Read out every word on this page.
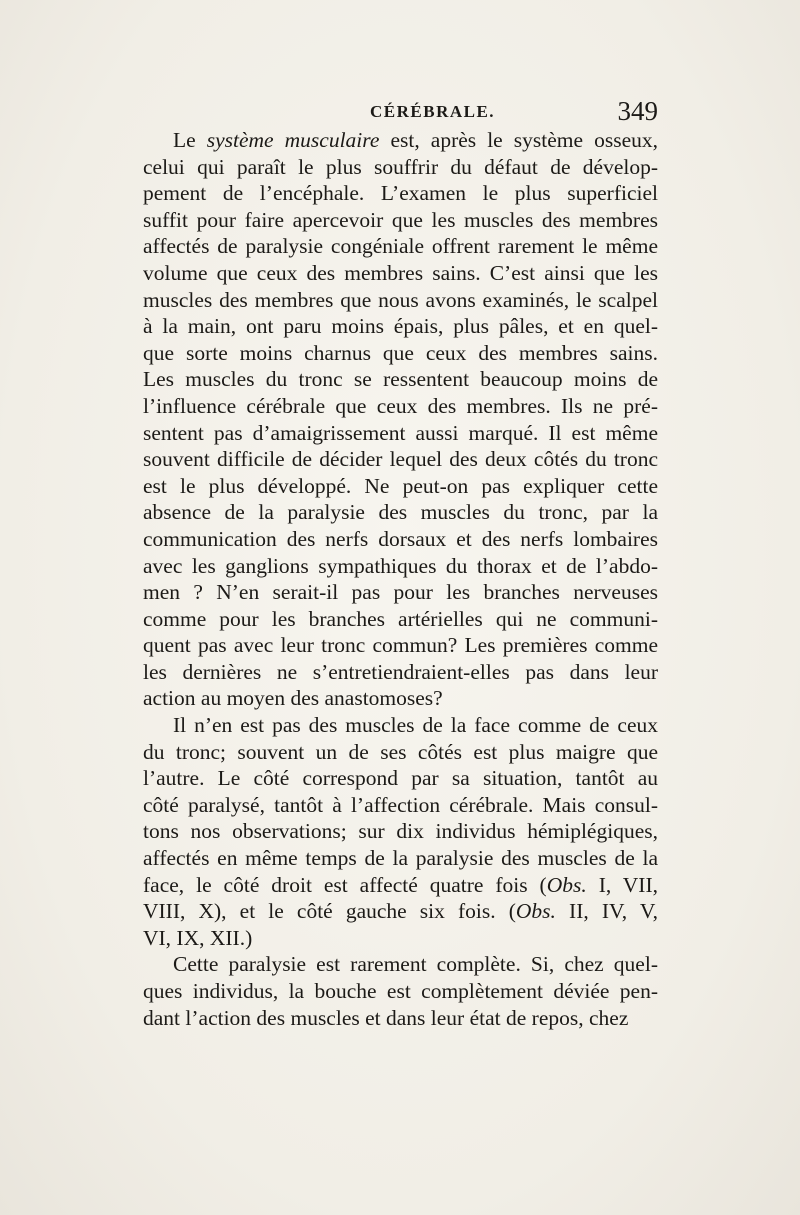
CÉRÉBRALE.	349
Le système musculaire est, après le système osseux,
celui qui paraît le plus souffrir du défaut de dévelop-
pement de l’encéphale. L’examen le plus superficiel
suffit pour faire apercevoir que les muscles des membres
affectés de paralysie congéniale offrent rarement le même
volume que ceux des membres sains. C’est ainsi que les
muscles des membres que nous avons examinés, le scalpel
à la main, ont paru moins épais, plus pâles, et en quel-
que sorte moins charnus que ceux des membres sains.
Les muscles du tronc se ressentent beaucoup moins de
l’influence cérébrale que ceux des membres. Ils ne pré-
sentent pas d’amaigrissement aussi marqué. Il est même
souvent difficile de décider lequel des deux côtés du tronc
est le plus développé. Ne peut-on pas expliquer cette
absence de la paralysie des muscles du tronc, par la
communication des nerfs dorsaux et des nerfs lombaires
avec les ganglions sympathiques du thorax et de l’abdo-
men ? N’en serait-il pas pour les branches nerveuses
comme pour les branches artérielles qui ne communi-
quent pas avec leur tronc commun? Les premières comme
les dernières ne s’entretiendraient-elles pas dans leur
action au moyen des anastomoses?
Il n’en est pas des muscles de la face comme de ceux
du tronc; souvent un de ses côtés est plus maigre que
l’autre. Le côté correspond par sa situation, tantôt au
côté paralysé, tantôt à l’affection cérébrale. Mais consul-
tons nos observations; sur dix individus hémiplégiques,
affectés en même temps de la paralysie des muscles de la
face, le côté droit est affecté quatre fois (Obs. I, VII,
VIII, X), et le côté gauche six fois. (Obs. II, IV, V,
VI, IX, XII.)
Cette paralysie est rarement complète. Si, chez quel-
ques individus, la bouche est complètement déviée pen-
dant l’action des muscles et dans leur état de repos, chez
